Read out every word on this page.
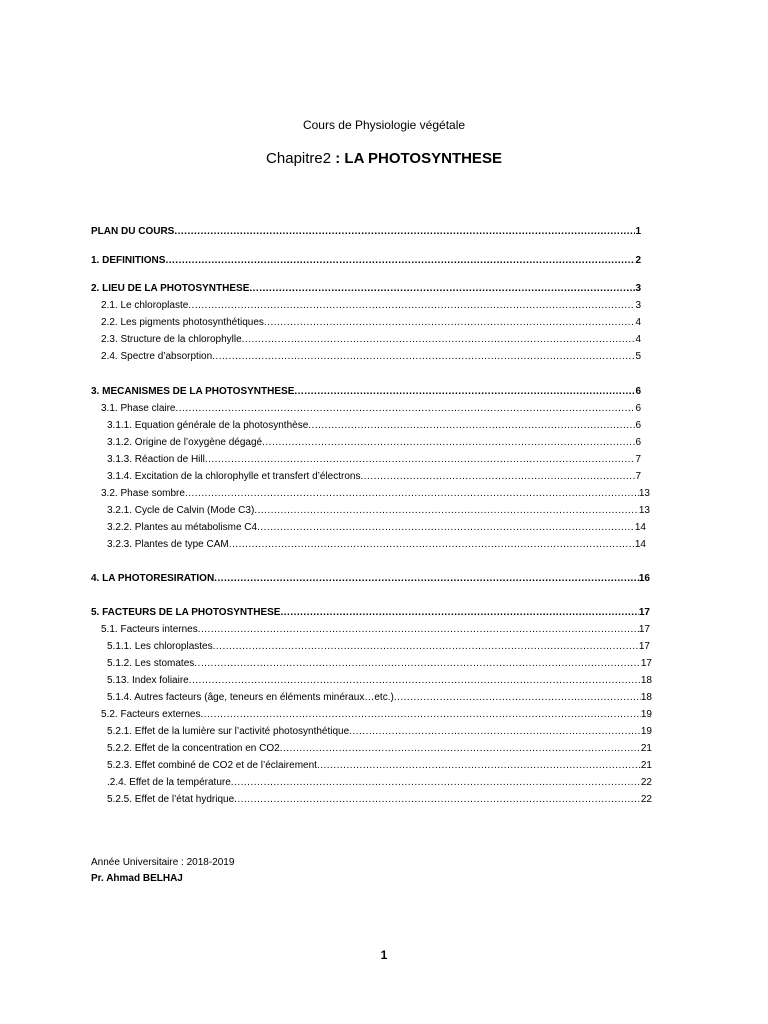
Cours de Physiologie végétale
Chapitre2 : LA PHOTOSYNTHESE
PLAN DU COURS .....	1
1. DEFINITIONS .....	2
2. LIEU DE LA PHOTOSYNTHESE .....	3
2.1. Le chloroplaste .....	3
2.2. Les pigments photosynthétiques .....	4
2.3. Structure de la chlorophylle .....	4
2.4. Spectre d’absorption .....	5
3. MECANISMES DE LA PHOTOSYNTHESE .....	6
3.1. Phase claire .....	6
3.1.1. Equation générale de la photosynthèse .....	6
3.1.2. Origine de l’oxygène dégagé .....	6
3.1.3. Réaction de Hill .....	7
3.1.4. Excitation de la chlorophylle et transfert d’électrons .....	7
3.2. Phase sombre .....	13
3.2.1. Cycle de Calvin (Mode C3) .....	13
3.2.2. Plantes au métabolisme C4 .....	14
3.2.3. Plantes de type CAM .....	14
4. LA PHOTORESIRATION .....	16
5. FACTEURS DE LA PHOTOSYNTHESE .....	17
5.1. Facteurs internes .....	17
5.1.1. Les chloroplastes .....	17
5.1.2. Les stomates .....	17
5.13. Index foliaire .....	18
5.1.4. Autres facteurs (âge, teneurs en éléments minéraux…etc.) .....	18
5.2. Facteurs externes .....	19
5.2.1. Effet de la lumière sur l’activité photosynthétique .....	19
5.2.2. Effet de la concentration en CO2 .....	21
5.2.3. Effet combiné de CO2 et de l’éclairement .....	21
.2.4. Effet de la température .....	22
5.2.5. Effet de l’état hydrique .....	22
Année Universitaire : 2018-2019
Pr. Ahmad BELHAJ
1
